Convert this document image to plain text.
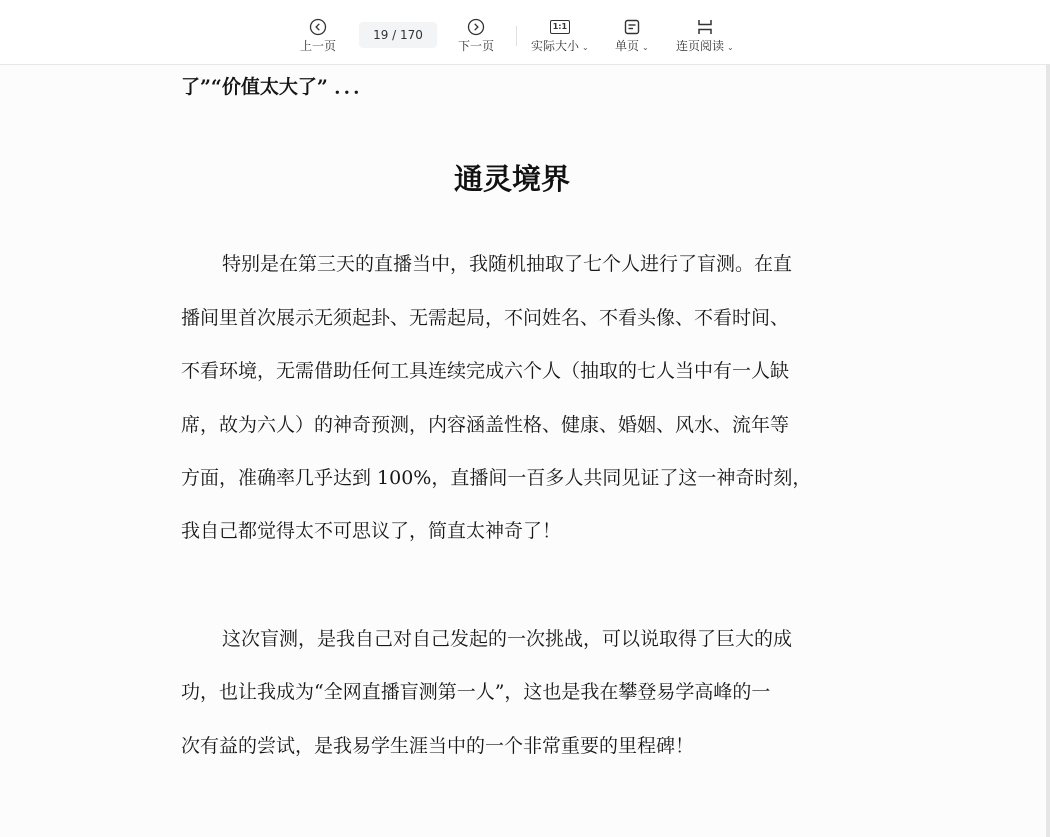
上一页
19 / 170
下一页
1:1
实际大小 ⌄ 单页 ⌄ 连页阅读 ⌄

了”“价值太大了” ．．．

通灵境界

特别是在第三天的直播当中，我随机抽取了七个人进行了盲测。在直

播间里首次展示无须起卦、无需起局，不问姓名、不看头像、不看时间、

不看环境，无需借助任何工具连续完成六个人（抽取的七人当中有一人缺

席，故为六人）的神奇预测，内容涵盖性格、健康、婚姻、风水、流年等

方面，准确率几乎达到 100%，直播间一百多人共同见证了这一神奇时刻，

我自己都觉得太不可思议了，简直太神奇了！

这次盲测，是我自己对自己发起的一次挑战，可以说取得了巨大的成

功，也让我成为“全网直播盲测第一人”，这也是我在攀登易学高峰的一

次有益的尝试，是我易学生涯当中的一个非常重要的里程碑！
